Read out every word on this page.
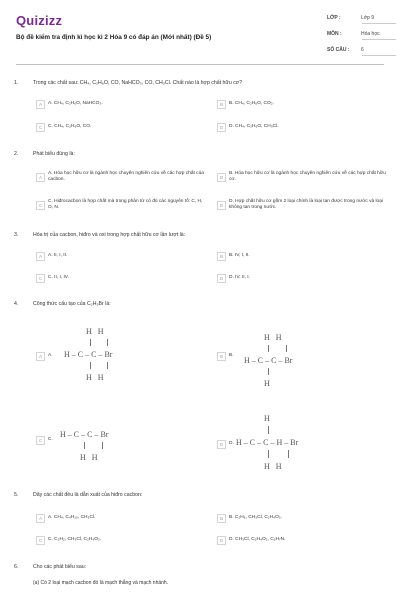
Quizizz
Bộ đề kiểm tra định kì học kì 2 Hóa 9 có đáp án (Mới nhất) (Đề 5)
LỚP :	Lớp 9
MÔN :	Hóa học
SỐ CÂU : 6
1.	Trong các chất sau: CH₄, C₂H₆O, CO, NaHCO₃, CO, CH₃Cl. Chất nào là hợp chất hữu cơ?
A	A. CH₄, C₂H₆O, NaHCO₃.	B	B. CH₄, C₂H₆O, CO₂.
C	C. CH₄, C₂H₆O, CO.	D	D. CH₄, C₂H₆O, CH₃Cl.
2.	Phát biểu đúng là:
A
A. Hóa học hữu cơ là ngành học chuyên nghiên cứu về các hợp chất của cacbon.	B
B. Hóa học hữu cơ là ngành học chuyên nghiên cứu về các hợp chất hữu cơ.
C
C. Hiđrocacbon là hợp chất mà trong phân tử có đủ các nguyên tố: C, H, O, N.	D
D. Hợp chất hữu cơ gồm 2 loại chính là loại tan được trong nước và loại không tan trong nước.
3.	Hóa trị của cacbon, hiđro và oxi trong hợp chất hữu cơ lần lượt là:
A	A. II, I, II.	B	B. IV, I, II.
C	C. II, I, IV.	D	D. IV, II, I.
4.	Công thức cấu tạo của C₂H₅Br là:
A	A.
H   H
H – C – C – Br
H   H
B	B.
H   H
H – C – C – Br
H
C	C.
H – C – C – Br
H   H
D	D.
H
H – C – C – H – Br
H   H
5.	Dãy các chất đều là dẫn xuất của hiđro cacbon:
A	A. CH₄, C₄H₁₀, CH₃Cl.	B	B. C₂H₆, CH₃Cl, C₂H₄O₂.
C	C. C₂H₂, CH₃Cl, C₂H₄O₂.	D	D. CH₃Cl, C₂H₄O₂, C₂H₇N.
6.	Cho các phát biểu sau:
(a) Có 2 loại mạch cacbon đó là mạch thẳng và mạch nhánh.
